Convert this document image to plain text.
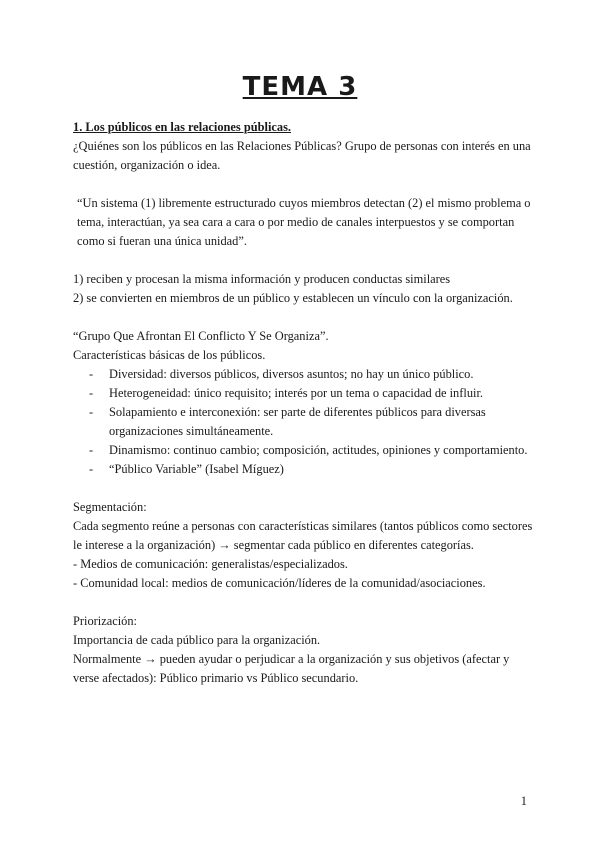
TEMA 3

1. Los públicos en las relaciones públicas.

¿Quiénes son los públicos en las Relaciones Públicas? Grupo de personas con interés en una cuestión, organización o idea.

“Un sistema (1) libremente estructurado cuyos miembros detectan (2) el mismo problema o tema, interactúan, ya sea cara a cara o por medio de canales interpuestos y se comportan como si fueran una única unidad”.

1) reciben y procesan la misma información y producen conductas similares

2) se convierten en miembros de un público y establecen un vínculo con la organización.

“Grupo Que Afrontan El Conflicto Y Se Organiza”.

Características básicas de los públicos.

- Diversidad: diversos públicos, diversos asuntos; no hay un único público.
- Heterogeneidad: único requisito; interés por un tema o capacidad de influir.
- Solapamiento e interconexión: ser parte de diferentes públicos para diversas organizaciones simultáneamente.
- Dinamismo: continuo cambio; composición, actitudes, opiniones y comportamiento.
- “Público Variable” (Isabel Míguez)

Segmentación:

Cada segmento reúne a personas con características similares (tantos públicos como sectores le interese a la organización) → segmentar cada público en diferentes categorías.

- Medios de comunicación: generalistas/especializados.

- Comunidad local: medios de comunicación/líderes de la comunidad/asociaciones.

Priorización:

Importancia de cada público para la organización.

Normalmente → pueden ayudar o perjudicar a la organización y sus objetivos (afectar y verse afectados): Público primario vs Público secundario.

1
